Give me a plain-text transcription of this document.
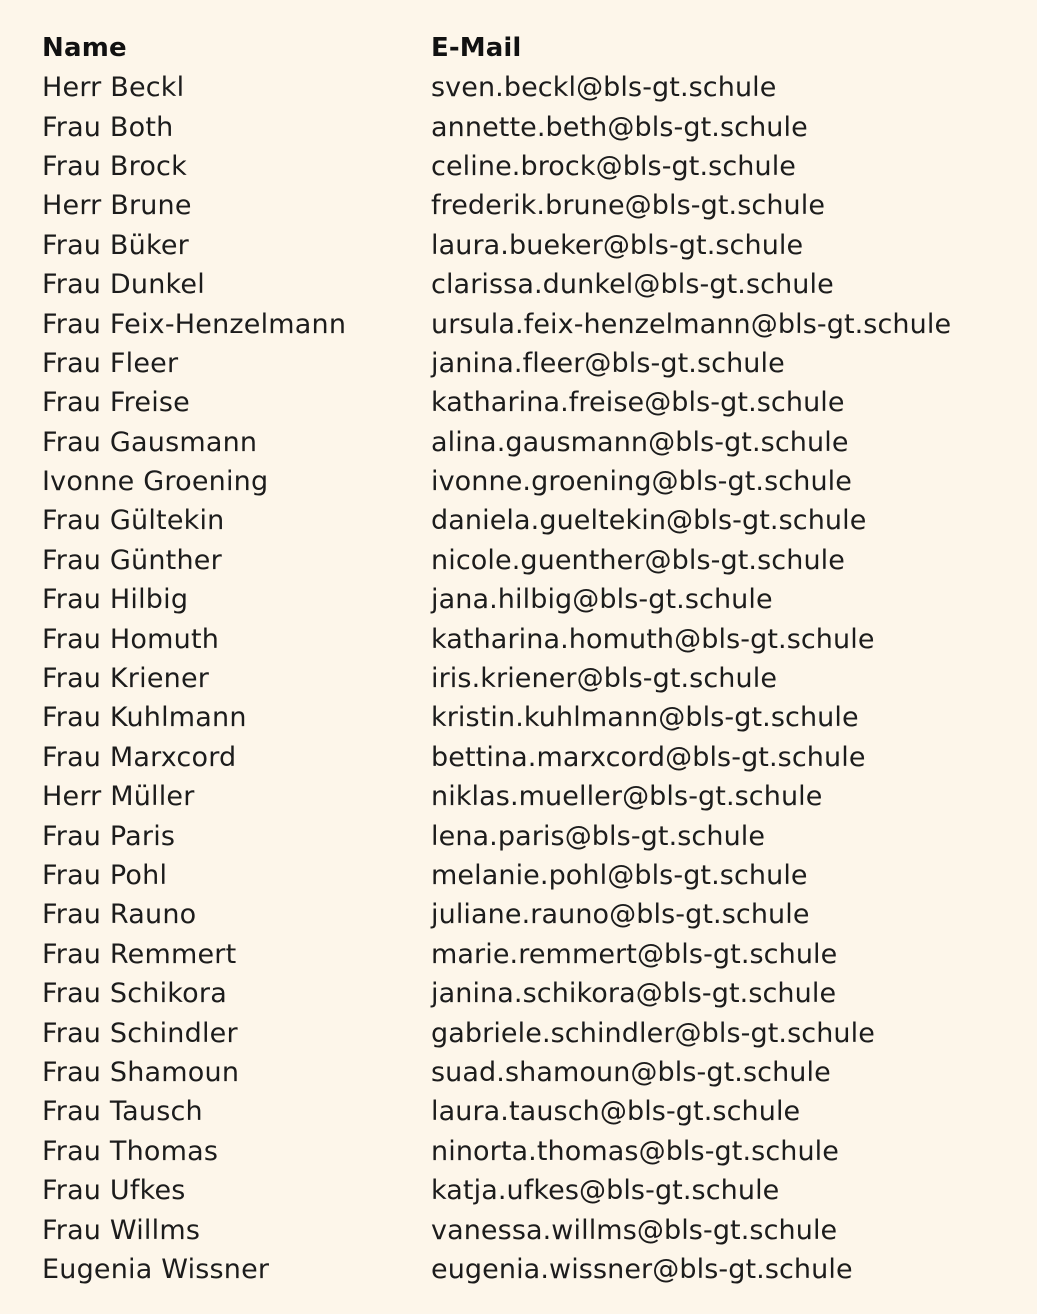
Name	E-Mail
Herr Beckl	sven.beckl@bls-gt.schule
Frau Both	annette.beth@bls-gt.schule
Frau Brock	celine.brock@bls-gt.schule
Herr Brune	frederik.brune@bls-gt.schule
Frau Büker	laura.bueker@bls-gt.schule
Frau Dunkel	clarissa.dunkel@bls-gt.schule
Frau Feix-Henzelmann	ursula.feix-henzelmann@bls-gt.schule
Frau Fleer	janina.fleer@bls-gt.schule
Frau Freise	katharina.freise@bls-gt.schule
Frau Gausmann	alina.gausmann@bls-gt.schule
Ivonne Groening	ivonne.groening@bls-gt.schule
Frau Gültekin	daniela.gueltekin@bls-gt.schule
Frau Günther	nicole.guenther@bls-gt.schule
Frau Hilbig	jana.hilbig@bls-gt.schule
Frau Homuth	katharina.homuth@bls-gt.schule
Frau Kriener	iris.kriener@bls-gt.schule
Frau Kuhlmann	kristin.kuhlmann@bls-gt.schule
Frau Marxcord	bettina.marxcord@bls-gt.schule
Herr Müller	niklas.mueller@bls-gt.schule
Frau Paris	lena.paris@bls-gt.schule
Frau Pohl	melanie.pohl@bls-gt.schule
Frau Rauno	juliane.rauno@bls-gt.schule
Frau Remmert	marie.remmert@bls-gt.schule
Frau Schikora	janina.schikora@bls-gt.schule
Frau Schindler	gabriele.schindler@bls-gt.schule
Frau Shamoun	suad.shamoun@bls-gt.schule
Frau Tausch	laura.tausch@bls-gt.schule
Frau Thomas	ninorta.thomas@bls-gt.schule
Frau Ufkes	katja.ufkes@bls-gt.schule
Frau Willms	vanessa.willms@bls-gt.schule
Eugenia Wissner	eugenia.wissner@bls-gt.schule
